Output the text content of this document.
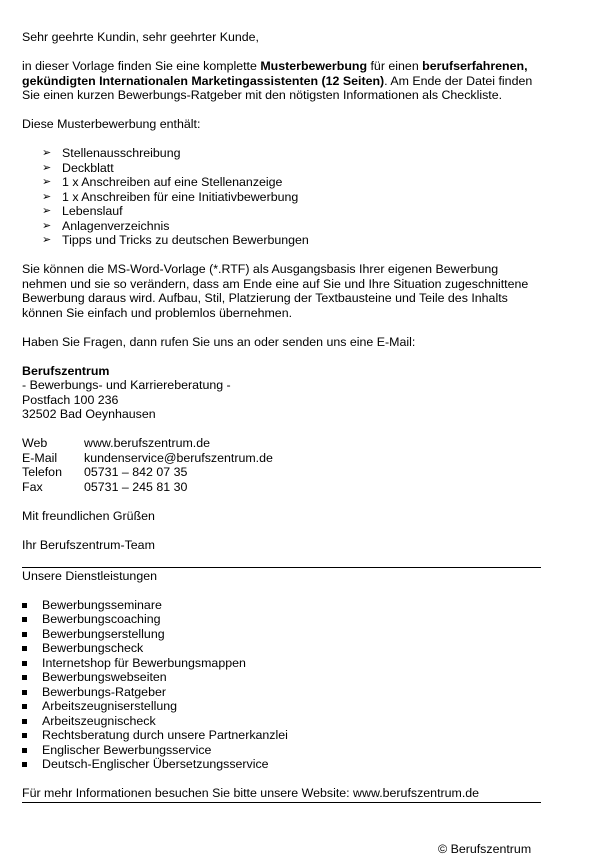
Sehr geehrte Kundin, sehr geehrter Kunde,

in dieser Vorlage finden Sie eine komplette Musterbewerbung für einen berufserfahrenen, gekündigten Internationalen Marketingassistenten (12 Seiten). Am Ende der Datei finden Sie einen kurzen Bewerbungs-Ratgeber mit den nötigsten Informationen als Checkliste.

Diese Musterbewerbung enthält:

➢ Stellenausschreibung
➢ Deckblatt
➢ 1 x Anschreiben auf eine Stellenanzeige
➢ 1 x Anschreiben für eine Initiativbewerbung
➢ Lebenslauf
➢ Anlagenverzeichnis
➢ Tipps und Tricks zu deutschen Bewerbungen

Sie können die MS-Word-Vorlage (*.RTF) als Ausgangsbasis Ihrer eigenen Bewerbung nehmen und sie so verändern, dass am Ende eine auf Sie und Ihre Situation zugeschnittene Bewerbung daraus wird. Aufbau, Stil, Platzierung der Textbausteine und Teile des Inhalts können Sie einfach und problemlos übernehmen.

Haben Sie Fragen, dann rufen Sie uns an oder senden uns eine E-Mail:

Berufszentrum

- Bewerbungs- und Karriereberatung -

Postfach 100 236

32502 Bad Oeynhausen

Web	www.berufszentrum.de
E-Mail	kundenservice@berufszentrum.de
Telefon	05731 – 842 07 35
Fax	05731 – 245 81 30

Mit freundlichen Grüßen

Ihr Berufszentrum-Team

Unsere Dienstleistungen

Bewerbungsseminare
Bewerbungscoaching
Bewerbungserstellung
Bewerbungscheck
Internetshop für Bewerbungsmappen
Bewerbungswebseiten
Bewerbungs-Ratgeber
Arbeitszeugniserstellung
Arbeitszeugnischeck
Rechtsberatung durch unsere Partnerkanzlei
Englischer Bewerbungsservice
Deutsch-Englischer Übersetzungsservice

Für mehr Informationen besuchen Sie bitte unsere Website: www.berufszentrum.de

© Berufszentrum
